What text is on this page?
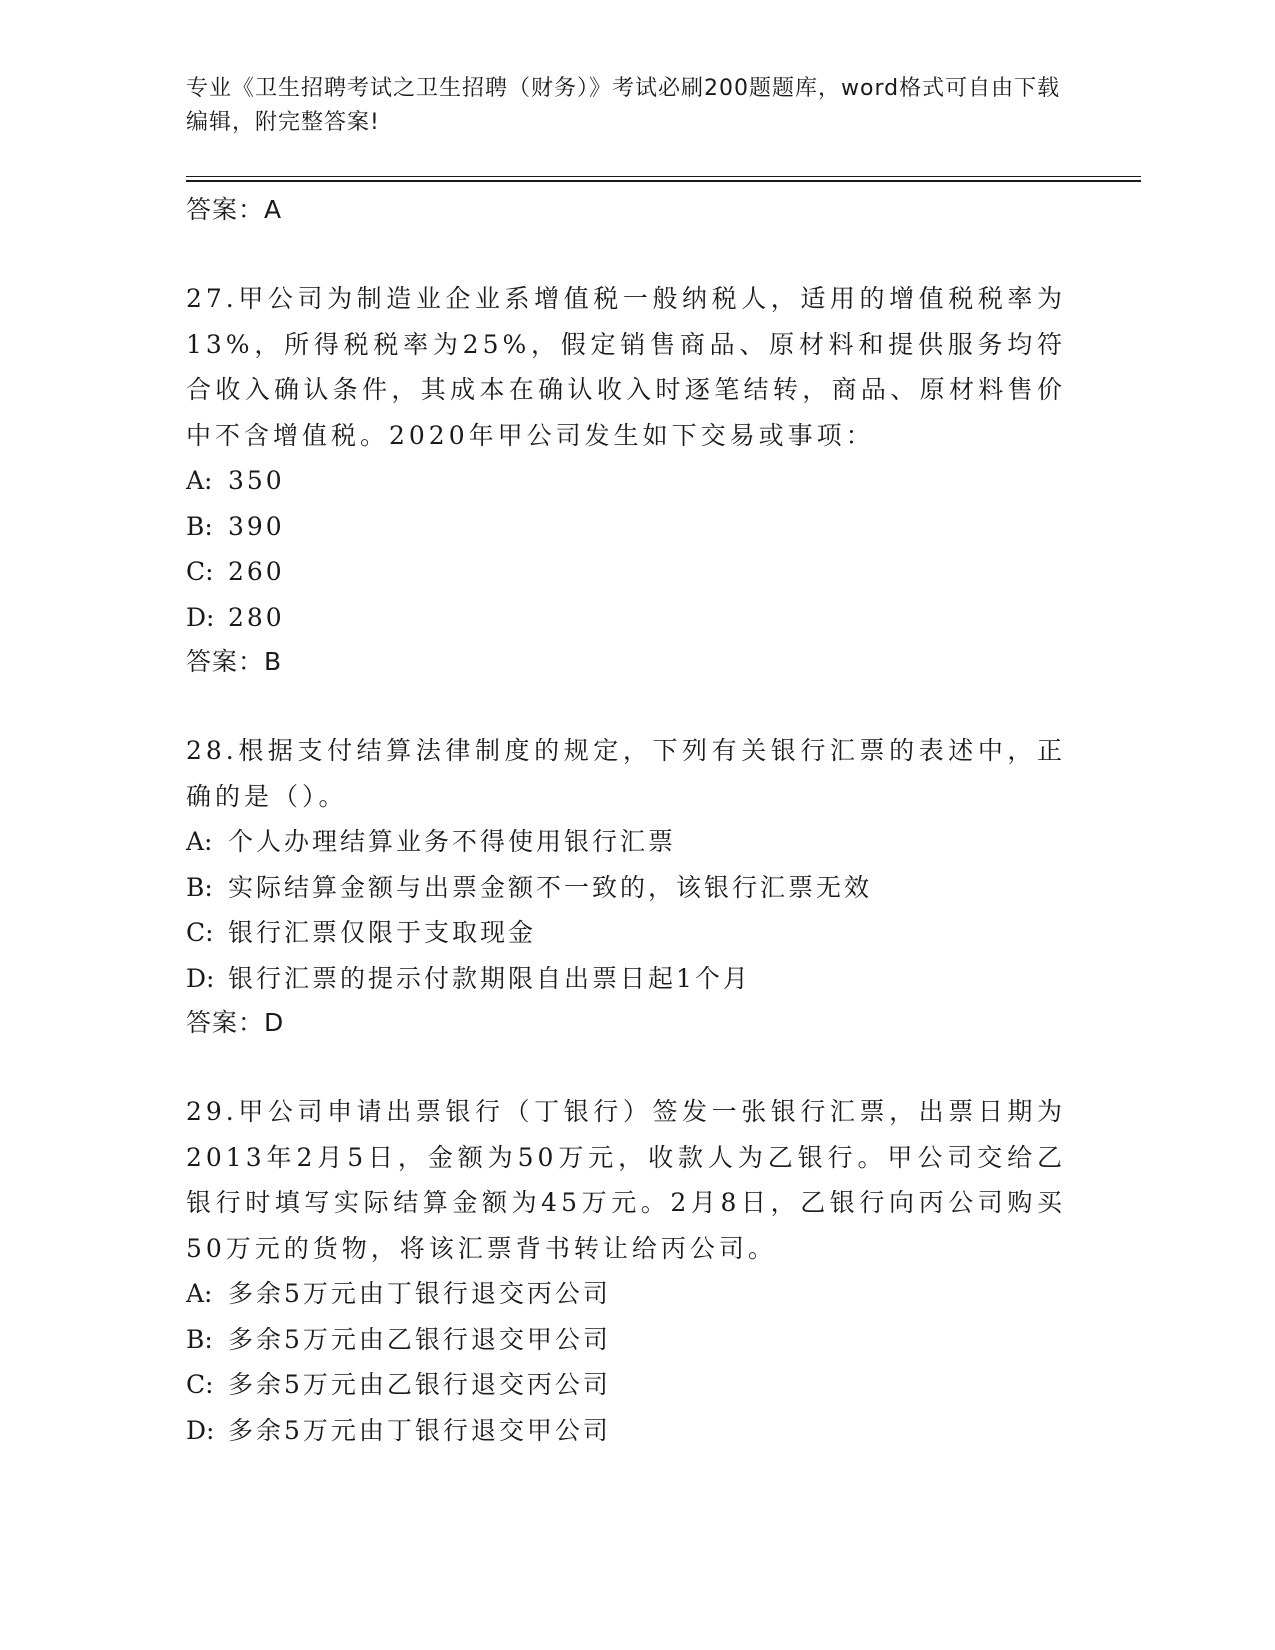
专业《卫生招聘考试之卫生招聘（财务）》考试必刷200题题库，word格式可自由下载编辑，附完整答案!
答案：A
27.甲公司为制造业企业系增值税一般纳税人，适用的增值税税率为13%，所得税税率为25%，假定销售商品、原材料和提供服务均符合收入确认条件，其成本在确认收入时逐笔结转，商品、原材料售价中不含增值税。2020年甲公司发生如下交易或事项：
A: 350
B: 390
C: 260
D: 280
答案：B
28.根据支付结算法律制度的规定，下列有关银行汇票的表述中，正确的是（）。
A: 个人办理结算业务不得使用银行汇票
B: 实际结算金额与出票金额不一致的，该银行汇票无效
C: 银行汇票仅限于支取现金
D: 银行汇票的提示付款期限自出票日起1个月
答案：D
29.甲公司申请出票银行（丁银行）签发一张银行汇票，出票日期为2013年2月5日，金额为50万元，收款人为乙银行。甲公司交给乙银行时填写实际结算金额为45万元。2月8日，乙银行向丙公司购买50万元的货物，将该汇票背书转让给丙公司。
A: 多余5万元由丁银行退交丙公司
B: 多余5万元由乙银行退交甲公司
C: 多余5万元由乙银行退交丙公司
D: 多余5万元由丁银行退交甲公司
